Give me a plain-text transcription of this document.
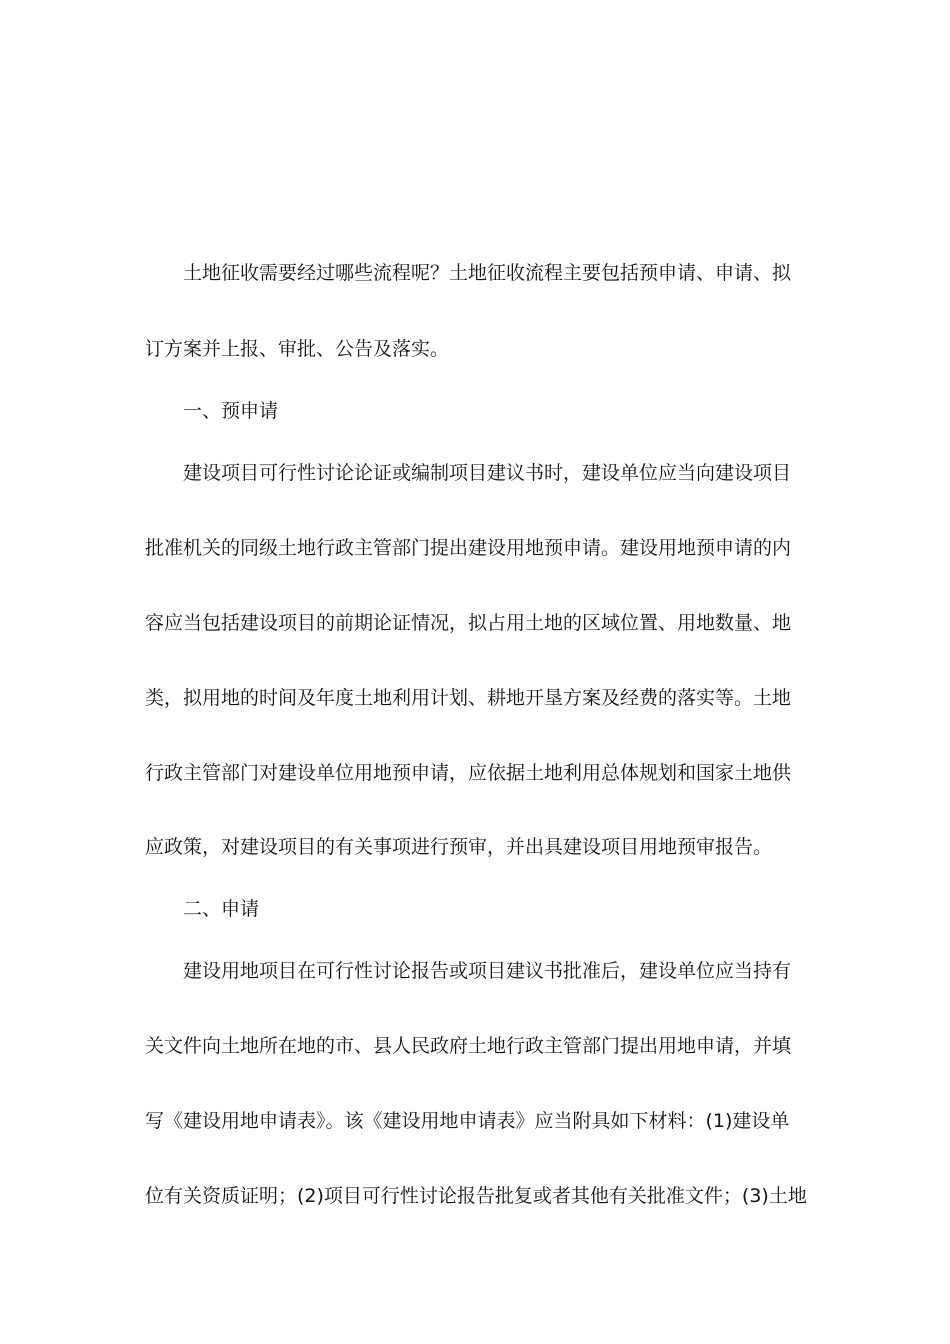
土地征收需要经过哪些流程呢？土地征收流程主要包括预申请、申请、拟
订方案并上报、审批、公告及落实。
一、预申请
建设项目可行性讨论论证或编制项目建议书时，建设单位应当向建设项目
批准机关的同级土地行政主管部门提出建设用地预申请。建设用地预申请的内
容应当包括建设项目的前期论证情况，拟占用土地的区域位置、用地数量、地
类，拟用地的时间及年度土地利用计划、耕地开垦方案及经费的落实等。土地
行政主管部门对建设单位用地预申请，应依据土地利用总体规划和国家土地供
应政策，对建设项目的有关事项进行预审，并出具建设项目用地预审报告。
二、申请
建设用地项目在可行性讨论报告或项目建议书批准后，建设单位应当持有
关文件向土地所在地的市、县人民政府土地行政主管部门提出用地申请，并填
写《建设用地申请表》。该《建设用地申请表》应当附具如下材料：(1)建设单
位有关资质证明；(2)项目可行性讨论报告批复或者其他有关批准文件；(3)土地
